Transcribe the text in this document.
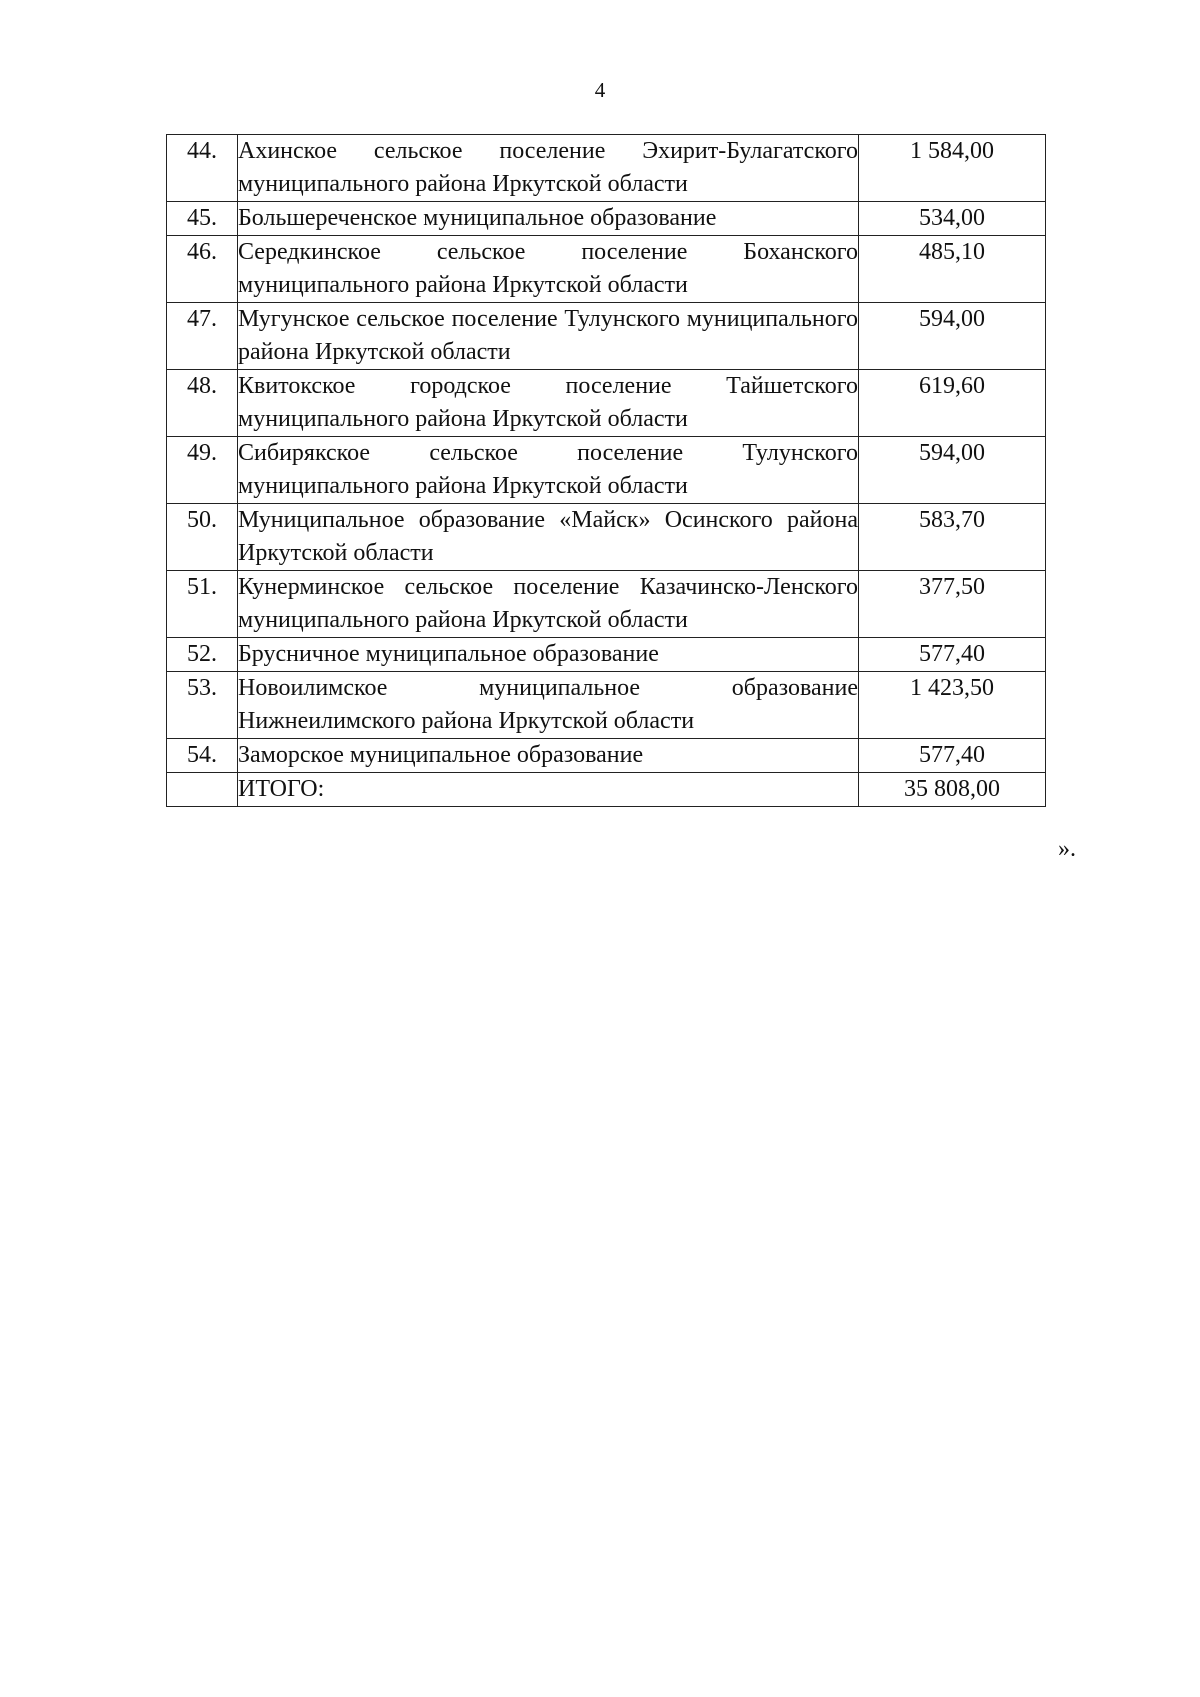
4
44.	Ахинское сельское поселение Эхирит-Булагатского муниципального района Иркутской области	1 584,00
45.	Большереченское муниципальное образование	534,00
46.	Середкинское сельское поселение Боханского муниципального района Иркутской области	485,10
47.	Мугунское сельское поселение Тулунского муниципального района Иркутской области	594,00
48.	Квитокское городское поселение Тайшетского муниципального района Иркутской области	619,60
49.	Сибирякское сельское поселение Тулунского муниципального района Иркутской области	594,00
50.	Муниципальное образование «Майск» Осинского района Иркутской области	583,70
51.	Кунерминское сельское поселение Казачинско-Ленского муниципального района Иркутской области	377,50
52.	Брусничное муниципальное образование	577,40
53.	Новоилимское муниципальное образование Нижнеилимского района Иркутской области	1 423,50
54.	Заморское муниципальное образование	577,40
	ИТОГО:	35 808,00
».
